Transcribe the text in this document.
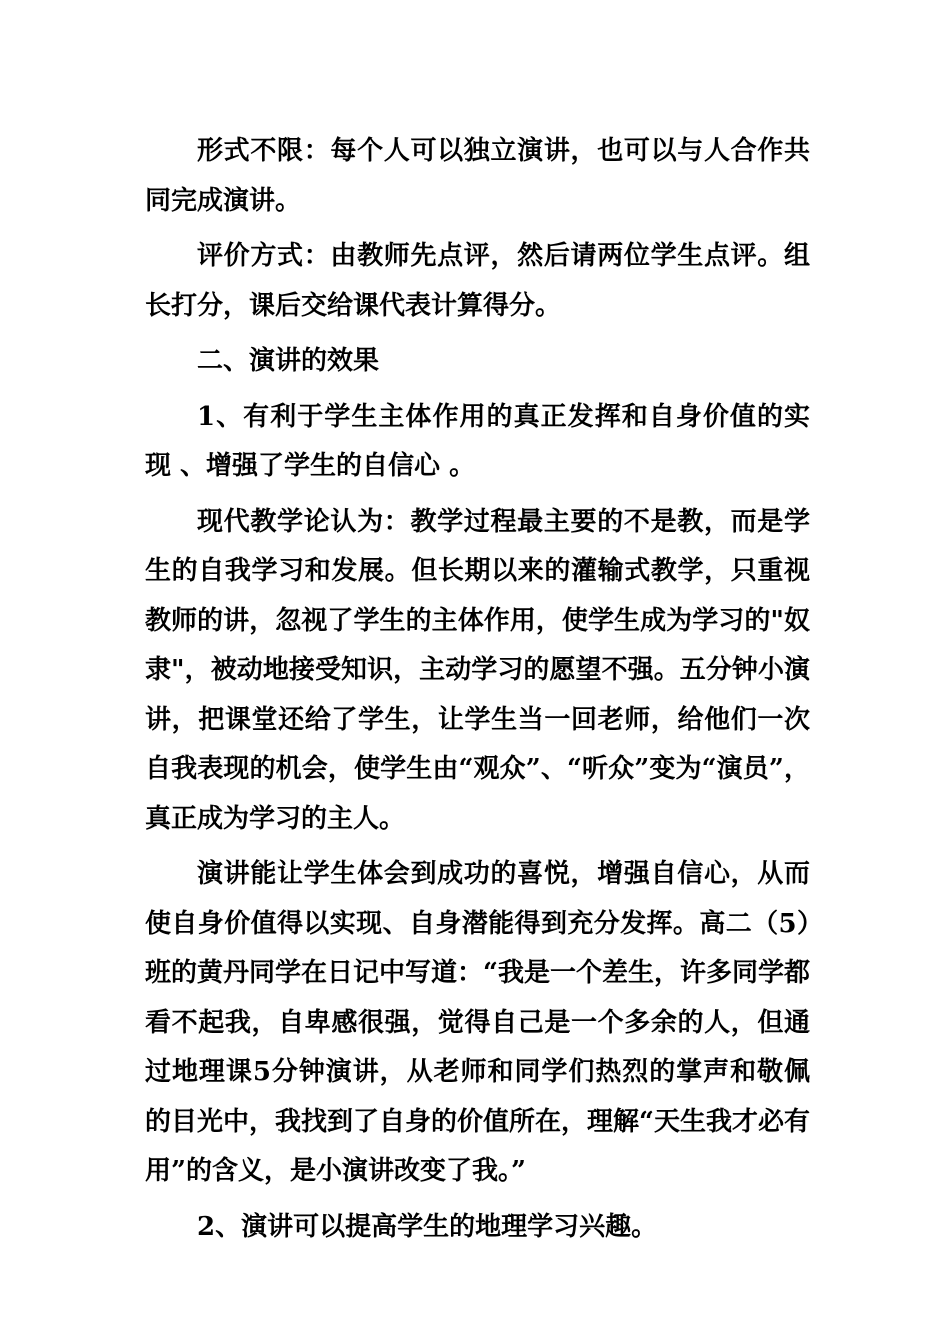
形式不限：每个人可以独立演讲，也可以与人合作共同完成演讲。

评价方式：由教师先点评，然后请两位学生点评。组长打分，课后交给课代表计算得分。

二、演讲的效果

1、有利于学生主体作用的真正发挥和自身价值的实现 、增强了学生的自信心 。

现代教学论认为：教学过程最主要的不是教，而是学生的自我学习和发展。但长期以来的灌输式教学，只重视教师的讲，忽视了学生的主体作用，使学生成为学习的"奴隶"，被动地接受知识，主动学习的愿望不强。五分钟小演讲，把课堂还给了学生，让学生当一回老师，给他们一次自我表现的机会，使学生由“观众”、“听众”变为“演员”，真正成为学习的主人。

演讲能让学生体会到成功的喜悦，增强自信心，从而使自身价值得以实现、自身潜能得到充分发挥。高二（5）班的黄丹同学在日记中写道：“我是一个差生，许多同学都看不起我，自卑感很强，觉得自己是一个多余的人，但通过地理课5分钟演讲，从老师和同学们热烈的掌声和敬佩的目光中，我找到了自身的价值所在，理解“天生我才必有用”的含义，是小演讲改变了我。”

2、演讲可以提高学生的地理学习兴趣。
